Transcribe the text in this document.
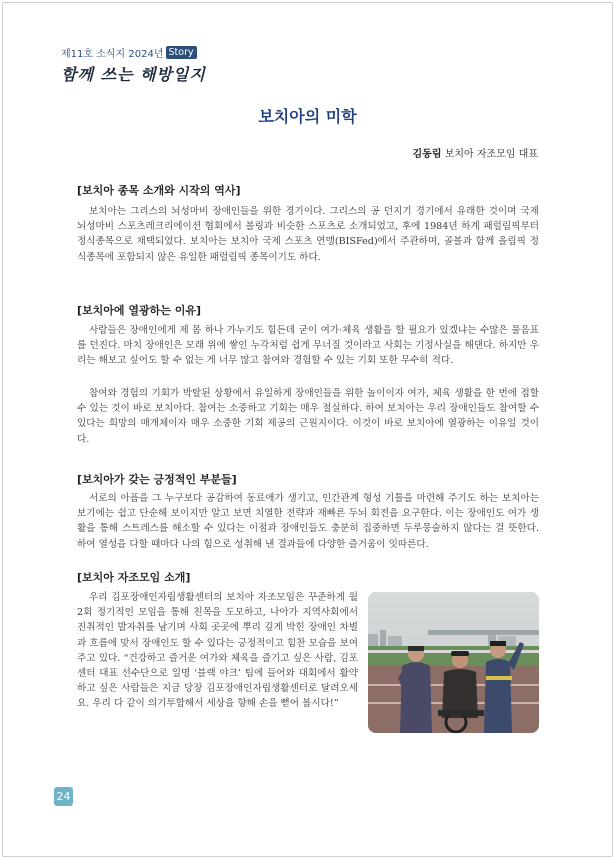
제11호 소식지 2024년 Story
함께 쓰는 해방일지
보치아의 미학
김동림 보치아 자조모임 대표
[보치아 종목 소개와 시작의 역사]

보치아는 그리스의 뇌성마비 장애인들을 위한 경기이다. 그리스의 공 던지기 경기에서 유래한 것이며 국제 뇌성마비 스포츠레크리에이션 협회에서 볼링과 비슷한 스포츠로 소개되었고, 후에 1984년 하계 패럴림픽부터 정식종목으로 채택되었다. 보치아는 보치아 국제 스포츠 연맹(BISFed)에서 주관하며, 골볼과 함께 올림픽 정식종목에 포함되지 않은 유일한 패럴림픽 종목이기도 하다.

[보치아에 열광하는 이유]

사람들은 장애인에게 제 몸 하나 가누기도 힘든데 굳이 여가·체육 생활을 할 필요가 있겠냐는 수많은 물음표를 던진다. 마치 장애인은 모래 위에 쌓인 누각처럼 쉽게 무너질 것이라고 사회는 기정사실을 해댄다. 하지만 우리는 해보고 싶어도 할 수 없는 게 너무 많고 참여와 경험할 수 있는 기회 또한 무수히 적다.

참여와 경험의 기회가 박탈된 상황에서 유일하게 장애인들을 위한 놀이이자 여가, 체육 생활을 한 번에 접할 수 있는 것이 바로 보치아다. 참여는 소중하고 기회는 매우 절실하다. 하여 보치아는 우리 장애인들도 참여할 수 있다는 희망의 매개체이자 매우 소중한 기회 제공의 근원지이다. 이것이 바로 보치아에 열광하는 이유일 것이다.

[보치아가 갖는 긍정적인 부분들]

서로의 아픔을 그 누구보다 공감하여 동료애가 생기고, 인간관계 형성 기틀을 마련해 주기도 하는 보치아는 보기에는 쉽고 단순해 보이지만 알고 보면 치열한 전략과 재빠른 두뇌 회전을 요구한다. 이는 장애인도 여가 생활을 통해 스트레스를 해소할 수 있다는 이점과 장애인들도 충분히 집중하면 두루뭉술하지 않다는 걸 뜻한다. 하여 열성을 다할 때마다 나의 힘으로 성취해 낸 결과들에 다양한 즐거움이 잇따른다.

[보치아 자조모임 소개]

우리 김포장애인자립생활센터의 보치아 자조모임은 꾸준하게 월 2회 정기적인 모임을 통해 친목을 도모하고, 나아가 지역사회에서 진취적인 발자취를 남기며 사회 곳곳에 뿌리 깊게 박힌 장애인 차별과 흐름에 맞서 장애인도 할 수 있다는 긍정적이고 힘찬 모습을 보여주고 있다. “건강하고 즐거운 여가와 체육을 즐기고 싶은 사람, 김포센터 대표 선수단으로 일명 ‘블랙 야크’ 팀에 들어와 대회에서 활약하고 싶은 사람들은 지금 당장 김포장애인자립생활센터로 달려오세요. 우리 다 같이 의기투합해서 세상을 향해 손을 뻗어 봅시다!”

24
